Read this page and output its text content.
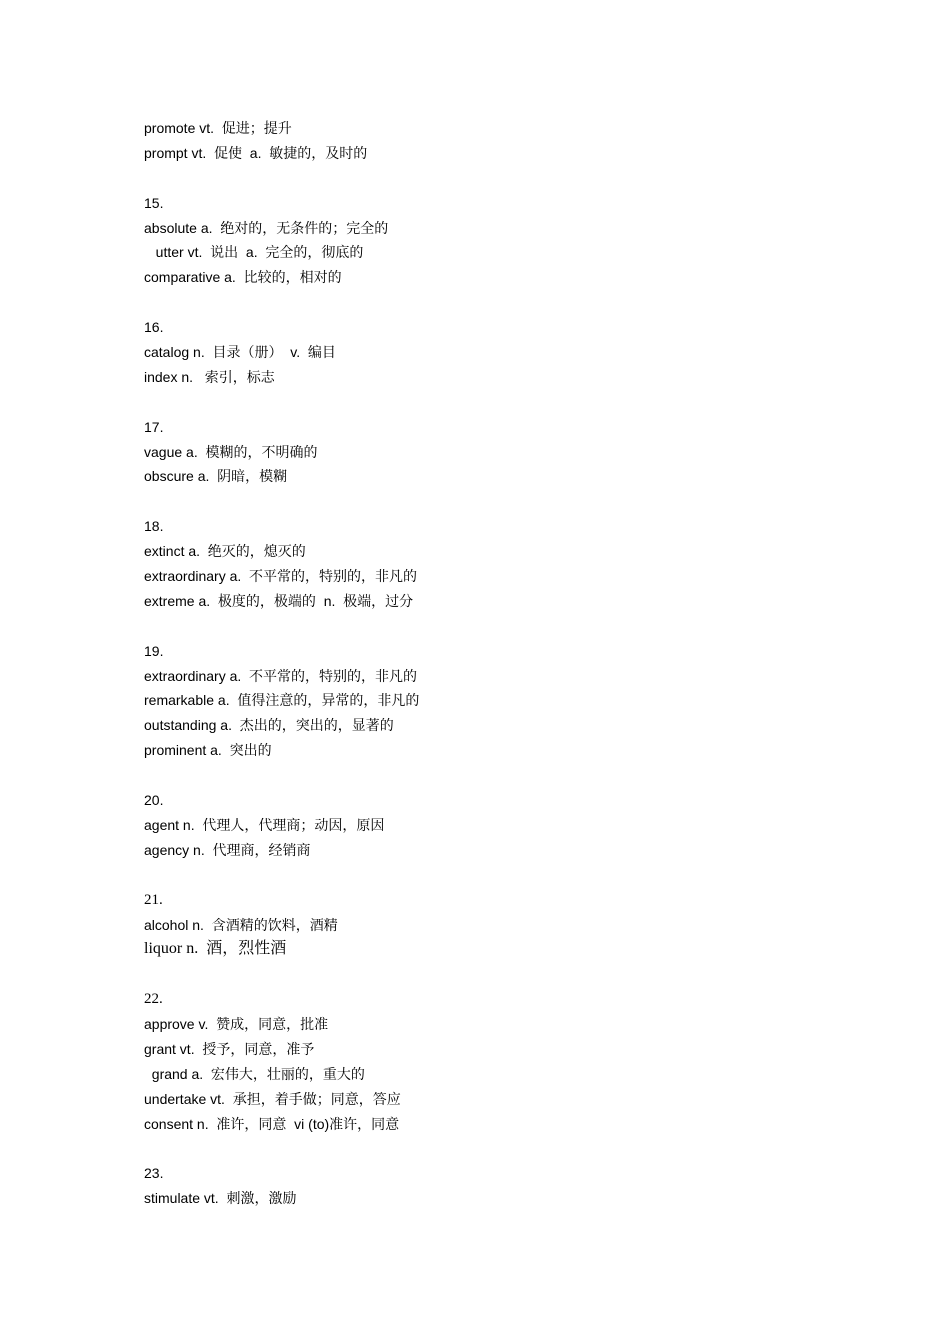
promote vt.  促进；提升
prompt vt.  促使  a.  敏捷的，及时的
15.
absolute a.  绝对的，无条件的；完全的
utter vt.  说出  a.  完全的，彻底的
comparative a.  比较的，相对的
16.
catalog n.  目录（册）  v.  编目
index n.   索引，标志
17.
vague a.  模糊的，不明确的
obscure a.  阴暗，模糊
18.
extinct a.  绝灭的，熄灭的
extraordinary a.  不平常的，特别的，非凡的
extreme a.  极度的，极端的  n.  极端，过分
19.
extraordinary a.  不平常的，特别的，非凡的
remarkable a.  值得注意的，异常的，非凡的
outstanding a.  杰出的，突出的，显著的
prominent a.  突出的
20.
agent n.  代理人，代理商；动因，原因
agency n.  代理商，经销商
21.
alcohol n.  含酒精的饮料，酒精
liquor n.  酒，烈性酒
22.
approve v.  赞成，同意，批准
grant vt.  授予，同意，准予
grand a.  宏伟大，壮丽的，重大的
undertake vt.  承担，着手做；同意，答应
consent n.  准许，同意  vi (to)准许，同意
23.
stimulate vt.  刺激，激励
